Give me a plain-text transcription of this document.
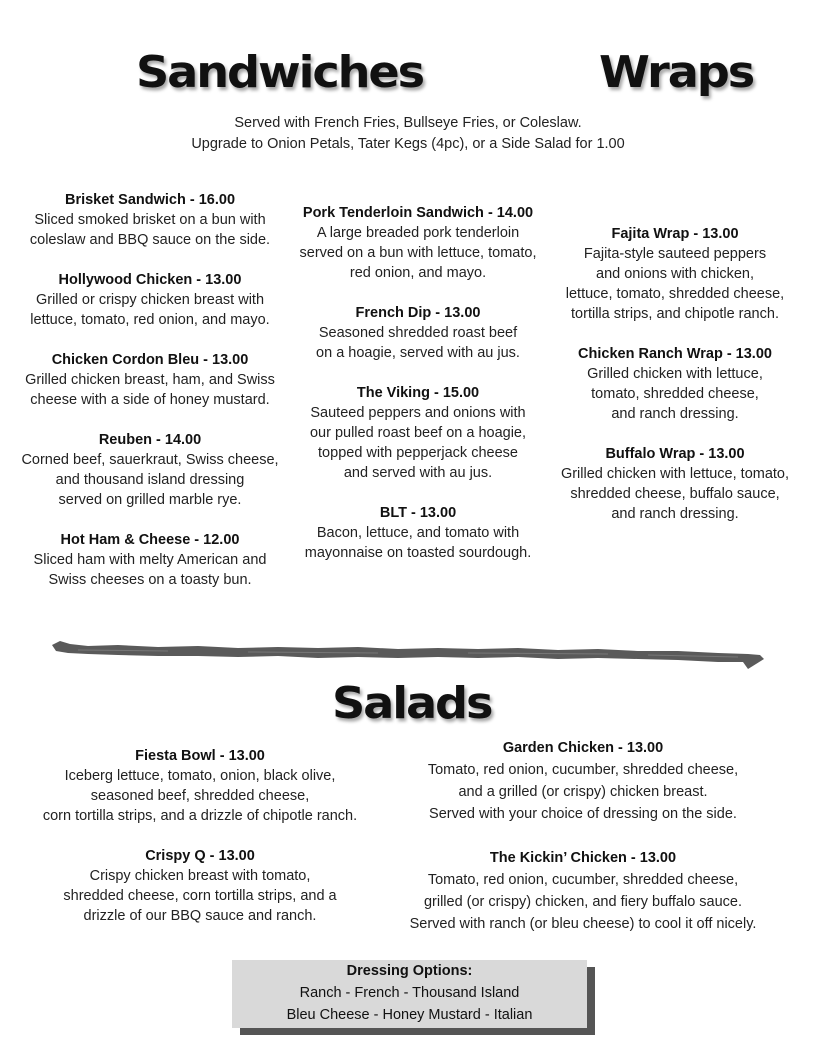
Sandwiches	Wraps
Served with French Fries, Bullseye Fries, or Coleslaw.
Upgrade to Onion Petals, Tater Kegs (4pc), or a Side Salad for 1.00
Brisket Sandwich - 16.00
Sliced smoked brisket on a bun with
coleslaw and BBQ sauce on the side.
Hollywood Chicken - 13.00
Grilled or crispy chicken breast with
lettuce, tomato, red onion, and mayo.
Chicken Cordon Bleu - 13.00
Grilled chicken breast, ham, and Swiss
cheese with a side of honey mustard.
Reuben - 14.00
Corned beef, sauerkraut, Swiss cheese,
and thousand island dressing
served on grilled marble rye.
Hot Ham & Cheese - 12.00
Sliced ham with melty American and
Swiss cheeses on a toasty bun.
Pork Tenderloin Sandwich - 14.00
A large breaded pork tenderloin
served on a bun with lettuce, tomato,
red onion, and mayo.
French Dip - 13.00
Seasoned shredded roast beef
on a hoagie, served with au jus.
The Viking - 15.00
Sauteed peppers and onions with
our pulled roast beef on a hoagie,
topped with pepperjack cheese
and served with au jus.
BLT - 13.00
Bacon, lettuce, and tomato with
mayonnaise on toasted sourdough.
Fajita Wrap - 13.00
Fajita-style sauteed peppers
and onions with chicken,
lettuce, tomato, shredded cheese,
tortilla strips, and chipotle ranch.
Chicken Ranch Wrap - 13.00
Grilled chicken with lettuce,
tomato, shredded cheese,
and ranch dressing.
Buffalo Wrap - 13.00
Grilled chicken with lettuce, tomato,
shredded cheese, buffalo sauce,
and ranch dressing.
Salads
Fiesta Bowl - 13.00
Iceberg lettuce, tomato, onion, black olive,
seasoned beef, shredded cheese,
corn tortilla strips, and a drizzle of chipotle ranch.
Crispy Q - 13.00
Crispy chicken breast with tomato,
shredded cheese, corn tortilla strips, and a
drizzle of our BBQ sauce and ranch.
Garden Chicken - 13.00
Tomato, red onion, cucumber, shredded cheese,
and a grilled (or crispy) chicken breast.
Served with your choice of dressing on the side.
The Kickin’ Chicken - 13.00
Tomato, red onion, cucumber, shredded cheese,
grilled (or crispy) chicken, and fiery buffalo sauce.
Served with ranch (or bleu cheese) to cool it off nicely.
Dressing Options:
Ranch - French - Thousand Island
Bleu Cheese - Honey Mustard - Italian
